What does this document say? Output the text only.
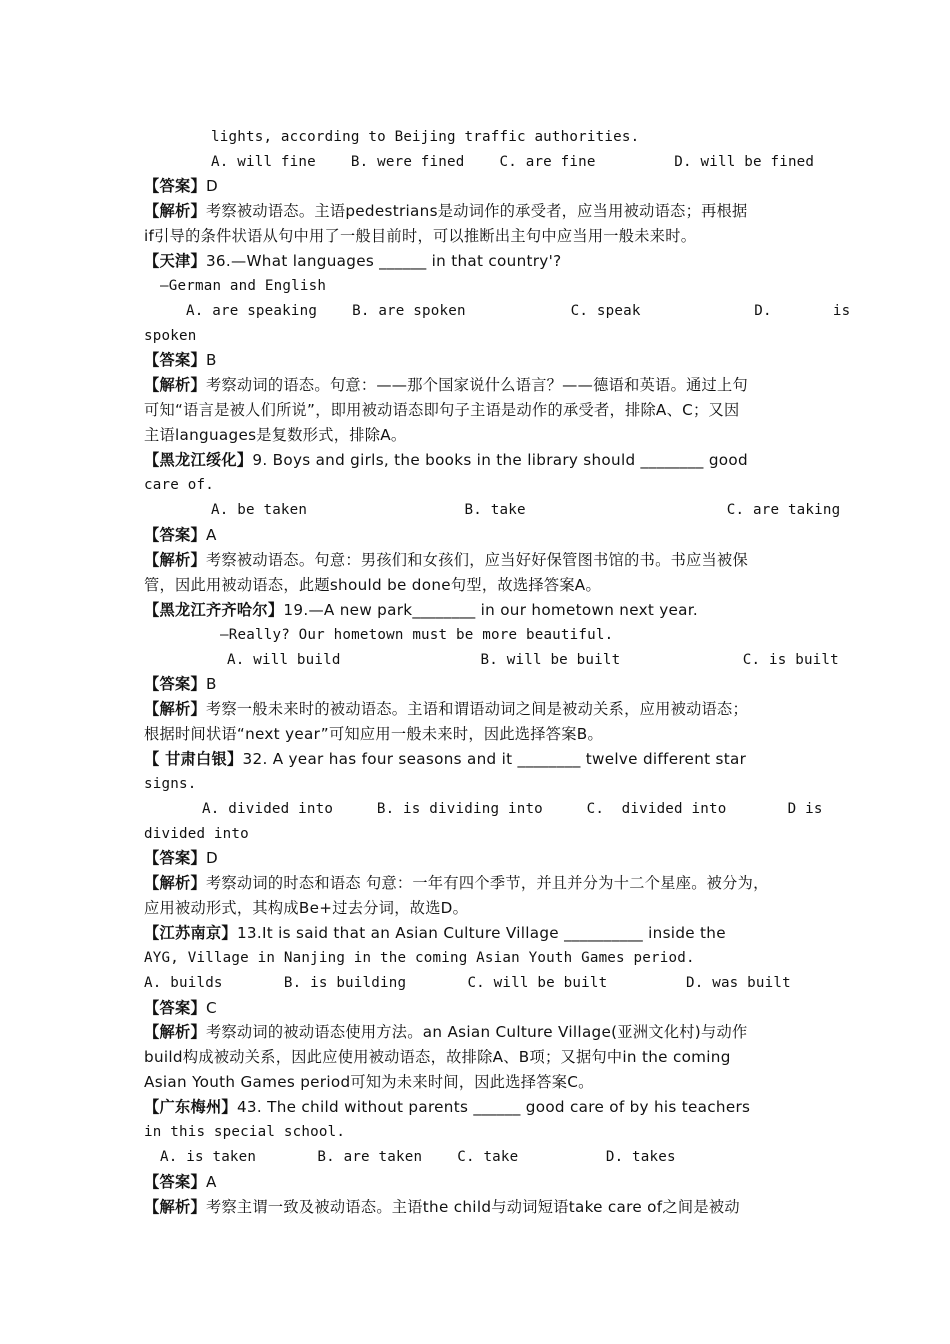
lights, according to Beijing traffic authorities.
A. will fine    B. were fined    C. are fine         D. will be fined
【答案】D
【解析】考察被动语态。主语pedestrians是动词作的承受者，应当用被动语态；再根据
if引导的条件状语从句中用了一般目前时，可以推断出主句中应当用一般未来时。
【天津】36.—What languages ______ in that country'?
—German and English
A. are speaking    B. are spoken            C. speak             D.       is
spoken
【答案】B
【解析】考察动词的语态。句意：——那个国家说什么语言？——德语和英语。通过上句
可知“语言是被人们所说”，即用被动语态即句子主语是动作的承受者，排除A、C；又因
主语languages是复数形式，排除A。
【黑龙江绥化】9. Boys and girls, the books in the library should ________ good
care of.
A. be taken                  B. take                       C. are taking
【答案】A
【解析】考察被动语态。句意：男孩们和女孩们，应当好好保管图书馆的书。书应当被保
管，因此用被动语态，此题should be done句型，故选择答案A。
【黑龙江齐齐哈尔】19.—A new park________ in our hometown next year.
—Really? Our hometown must be more beautiful.
A. will build                B. will be built              C. is built
【答案】B
【解析】考察一般未来时的被动语态。主语和谓语动词之间是被动关系，应用被动语态；
根据时间状语“next year”可知应用一般未来时，因此选择答案B。
【 甘肃白银】32. A year has four seasons and it ________ twelve different star
signs.
A. divided into     B. is dividing into     C.  divided into       D is
divided into
【答案】D
【解析】考察动词的时态和语态 句意：一年有四个季节，并且并分为十二个星座。被分为，
应用被动形式，其构成Be+过去分词，故选D。
【江苏南京】13.It is said that an Asian Culture Village __________ inside the
AYG, Village in Nanjing in the coming Asian Youth Games period.
A. builds       B. is building       C. will be built         D. was built
【答案】C
【解析】考察动词的被动语态使用方法。an Asian Culture Village(亚洲文化村)与动作
build构成被动关系，因此应使用被动语态，故排除A、B项；又据句中in the coming
Asian Youth Games period可知为未来时间，因此选择答案C。
【广东梅州】43. The child without parents ______ good care of by his teachers
in this special school.
A. is taken       B. are taken    C. take          D. takes
【答案】A
【解析】考察主谓一致及被动语态。主语the child与动词短语take care of之间是被动
